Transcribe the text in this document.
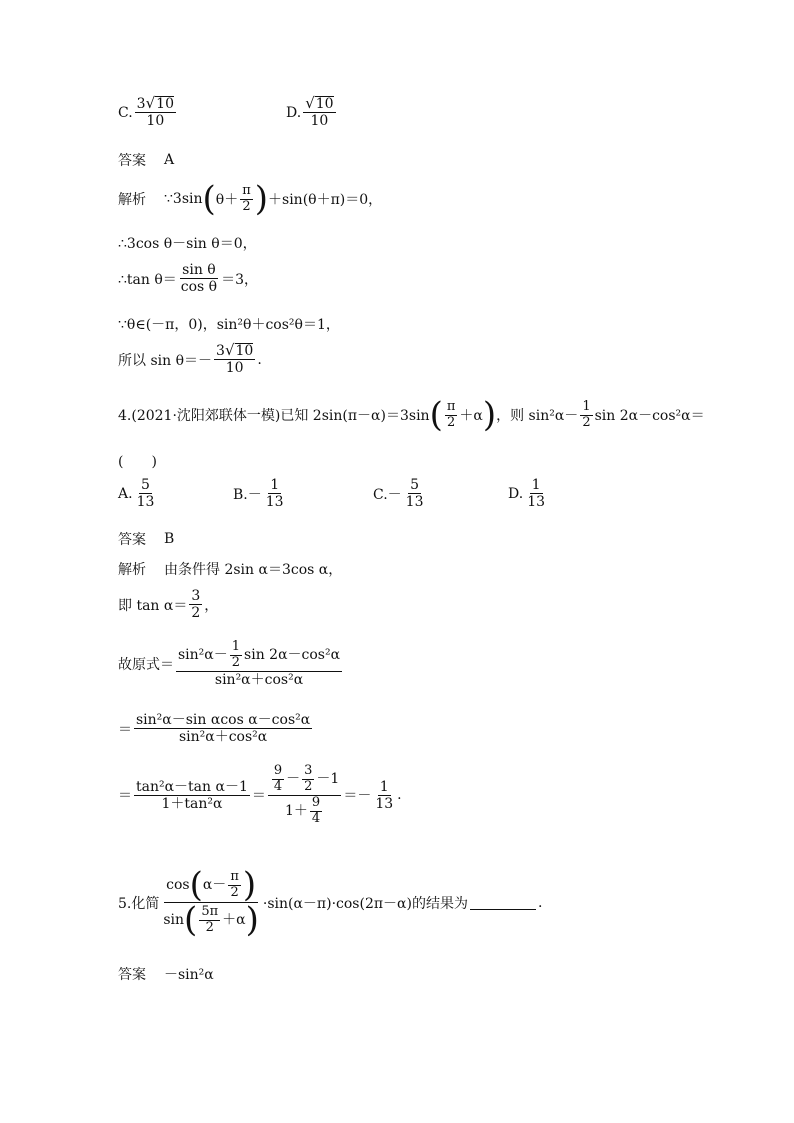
C. $\frac{3 √ 10}{10}$	D. $\frac{√ 10}{10}$
答案 A
解析 ∵3sin ( $\theta+ \frac{\pi}{2}$ ) ＋sin(θ＋π)＝0，
∴3cos θ－sin θ＝0，
∴tan $\theta= \frac{\text{sin θ}}{\text{cos θ}} =3$，
∵θ∈(－π，0)，sin²θ＋cos²θ＝1，
所以 $\sin \theta=- \frac{3 √ 10}{10}$ .
4.(2021·沈阳郊联体一模)已知 2sin(π－α)＝3sin ( $\frac{\pi}{2} +\alpha$ ) ，则 $\sin^2\alpha- \frac{1}{2}$ sin 2α－cos²α＝
(　　)
A. $\frac{5}{13}$	$B.- \frac{1}{13}$	$C.- \frac{5}{13}$	D. $\frac{1}{13}$
答案 B
解析 由条件得 2sin α＝3cos α，
即 $\tan \alpha= \frac{3}{2}$ ，
故原式＝ $\frac{\sin^2\alpha- \frac{1}{2} \sin 2\alpha-\cos^2\alpha}{\text{sin²α＋cos²α}}$
＝ $\frac{\text{sin²α－sin αcos α－cos²α}}{\text{sin²α＋cos²α}}$
＝ $\frac{\text{tan²α－tan α－1}}{\text{1＋tan²α}} = \frac{\frac{9}{4} - \frac{3}{2} -1}{1+ \frac{9}{4}} =- \frac{1}{13}$ .
5.化简 $\frac{\cos ( \alpha- \frac{\pi}{2} )}{\sin ( \frac{5\pi}{2} +\alpha )} \cdot\sin(\alpha-\pi)\cdot\cos(2\pi-\alpha)$的结果为	.
答案 －sin²α
